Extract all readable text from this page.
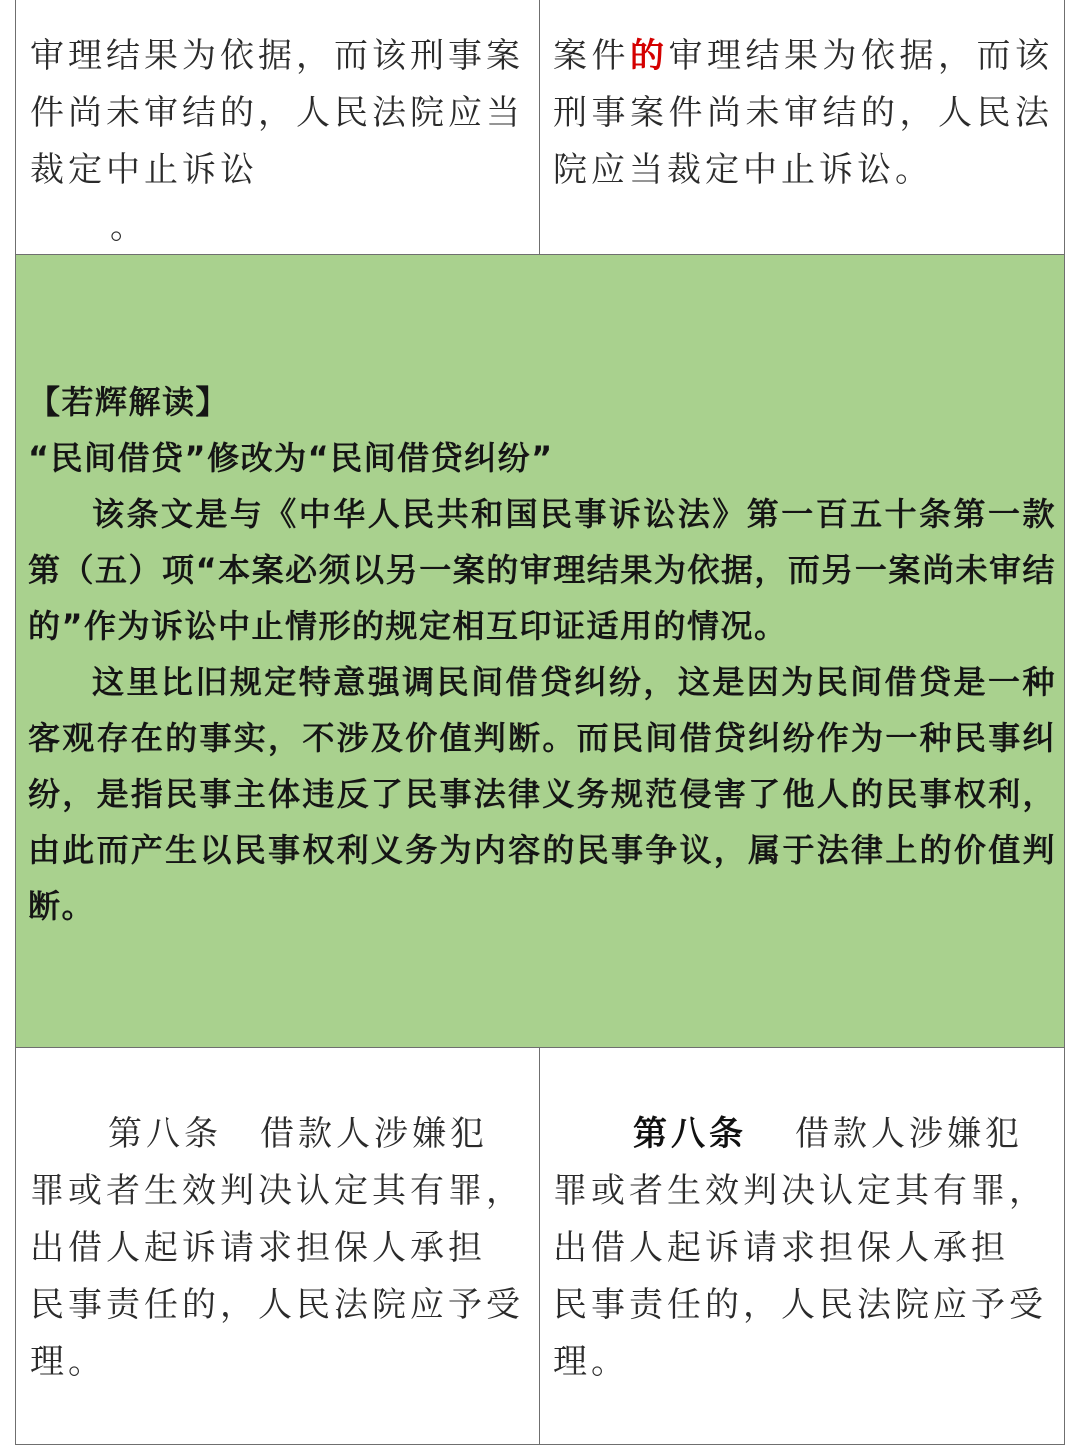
审理结果为依据，而该刑事案

件尚未审结的，人民法院应当

裁定中止诉讼

。

案件的审理结果为依据，而该刑事案件尚未审结的，人民法院应当裁定中止诉讼。

【若辉解读】

“民间借贷”修改为“民间借贷纠纷”

该条文是与《中华人民共和国民事诉讼法》第一百五十条第一款第（五）项“本案必须以另一案的审理结果为依据，而另一案尚未审结的”作为诉讼中止情形的规定相互印证适用的情况。

这里比旧规定特意强调民间借贷纠纷，这是因为民间借贷是一种客观存在的事实，不涉及价值判断。而民间借贷纠纷作为一种民事纠纷，是指民事主体违反了民事法律义务规范侵害了他人的民事权利，由此而产生以民事权利义务为内容的民事争议，属于法律上的价值判断。

第八条 借款人涉嫌犯

罪或者生效判决认定其有罪，

出借人起诉请求担保人承担

民事责任的，人民法院应予受

理。

第八条 借款人涉嫌犯

罪或者生效判决认定其有罪，

出借人起诉请求担保人承担

民事责任的，人民法院应予受

理。
